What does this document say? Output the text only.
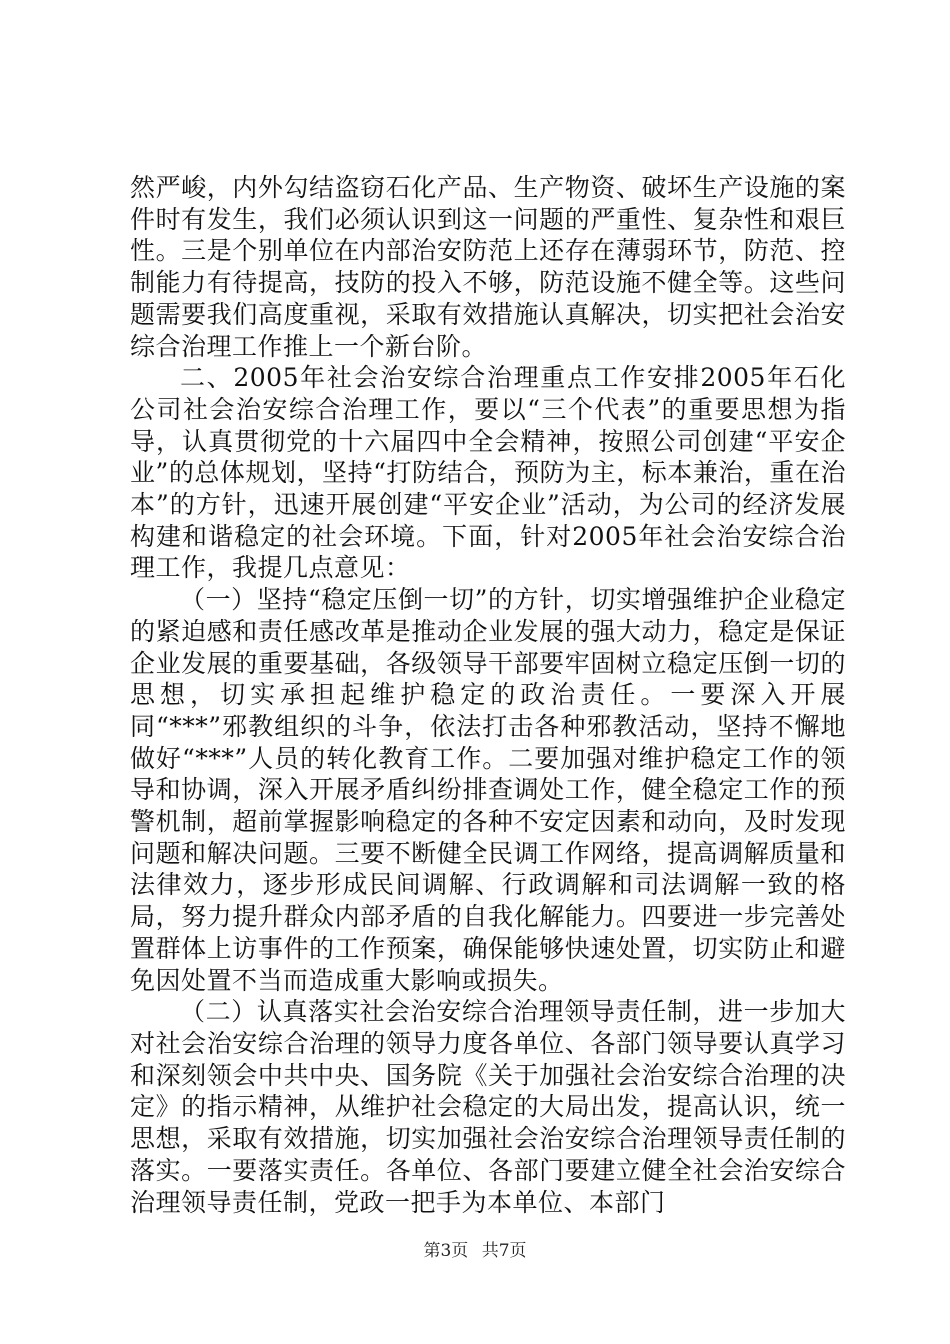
然严峻，内外勾结盗窃石化产品、生产物资、破坏生产设施的案件时有发生，我们必须认识到这一问题的严重性、复杂性和艰巨性。三是个别单位在内部治安防范上还存在薄弱环节，防范、控制能力有待提高，技防的投入不够，防范设施不健全等。这些问题需要我们高度重视，采取有效措施认真解决，切实把社会治安综合治理工作推上一个新台阶。

二、2005年社会治安综合治理重点工作安排2005年石化公司社会治安综合治理工作，要以“三个代表”的重要思想为指导，认真贯彻党的十六届四中全会精神，按照公司创建“平安企业”的总体规划，坚持“打防结合，预防为主，标本兼治，重在治本”的方针，迅速开展创建“平安企业”活动，为公司的经济发展构建和谐稳定的社会环境。下面，针对2005年社会治安综合治理工作，我提几点意见：

（一）坚持“稳定压倒一切”的方针，切实增强维护企业稳定的紧迫感和责任感改革是推动企业发展的强大动力，稳定是保证企业发展的重要基础，各级领导干部要牢固树立稳定压倒一切的思想，切实承担起维护稳定的政治责任。一要深入开展同“***”邪教组织的斗争，依法打击各种邪教活动，坚持不懈地做好“***”人员的转化教育工作。二要加强对维护稳定工作的领导和协调，深入开展矛盾纠纷排查调处工作，健全稳定工作的预警机制，超前掌握影响稳定的各种不安定因素和动向，及时发现问题和解决问题。三要不断健全民调工作网络，提高调解质量和法律效力，逐步形成民间调解、行政调解和司法调解一致的格局，努力提升群众内部矛盾的自我化解能力。四要进一步完善处置群体上访事件的工作预案，确保能够快速处置，切实防止和避免因处置不当而造成重大影响或损失。

（二）认真落实社会治安综合治理领导责任制，进一步加大对社会治安综合治理的领导力度各单位、各部门领导要认真学习和深刻领会中共中央、国务院《关于加强社会治安综合治理的决定》的指示精神，从维护社会稳定的大局出发，提高认识，统一思想，采取有效措施，切实加强社会治安综合治理领导责任制的落实。一要落实责任。各单位、各部门要建立健全社会治安综合治理领导责任制，党政一把手为本单位、本部门

第3页 共7页
